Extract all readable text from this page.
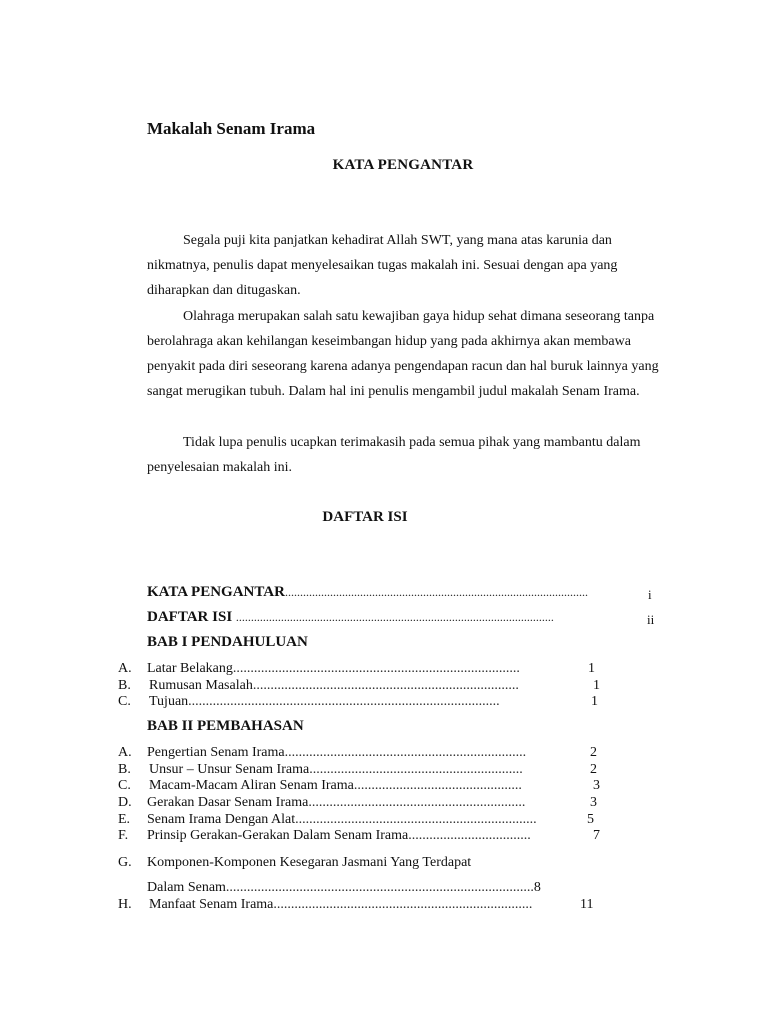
Makalah Senam Irama
KATA PENGANTAR
Segala puji kita panjatkan kehadirat Allah SWT, yang mana atas karunia dan nikmatnya, penulis dapat menyelesaikan tugas makalah ini. Sesuai dengan apa yang diharapkan dan ditugaskan.
Olahraga merupakan salah satu kewajiban gaya hidup sehat dimana seseorang tanpa berolahraga akan kehilangan keseimbangan hidup yang pada akhirnya akan membawa penyakit pada diri seseorang karena adanya pengendapan racun dan hal buruk lainnya yang sangat merugikan tubuh. Dalam hal ini penulis mengambil judul makalah Senam Irama.
Tidak lupa penulis ucapkan terimakasih pada semua pihak yang mambantu dalam penyelesaian makalah ini.
DAFTAR ISI
KATA PENGANTAR.....................................................................................................	i
DAFTAR ISI ..........................................................................................................	ii
BAB I PENDAHULUAN
A. Latar Belakang..................................................................................	1
B. Rumusan Masalah............................................................................	1
C. Tujuan.........................................................................................	1
BAB II PEMBAHASAN
A. Pengertian Senam Irama.....................................................................	2
B. Unsur – Unsur Senam Irama.............................................................	2
C. Macam-Macam Aliran Senam Irama................................................	3
D. Gerakan Dasar Senam Irama..............................................................	3
E. Senam Irama Dengan Alat.....................................................................	5
F. Prinsip Gerakan-Gerakan Dalam Senam Irama...................................	7
G. Komponen-Komponen Kesegaran Jasmani Yang Terdapat
Dalam Senam........................................................................................8
H. Manfaat Senam Irama..........................................................................	11
